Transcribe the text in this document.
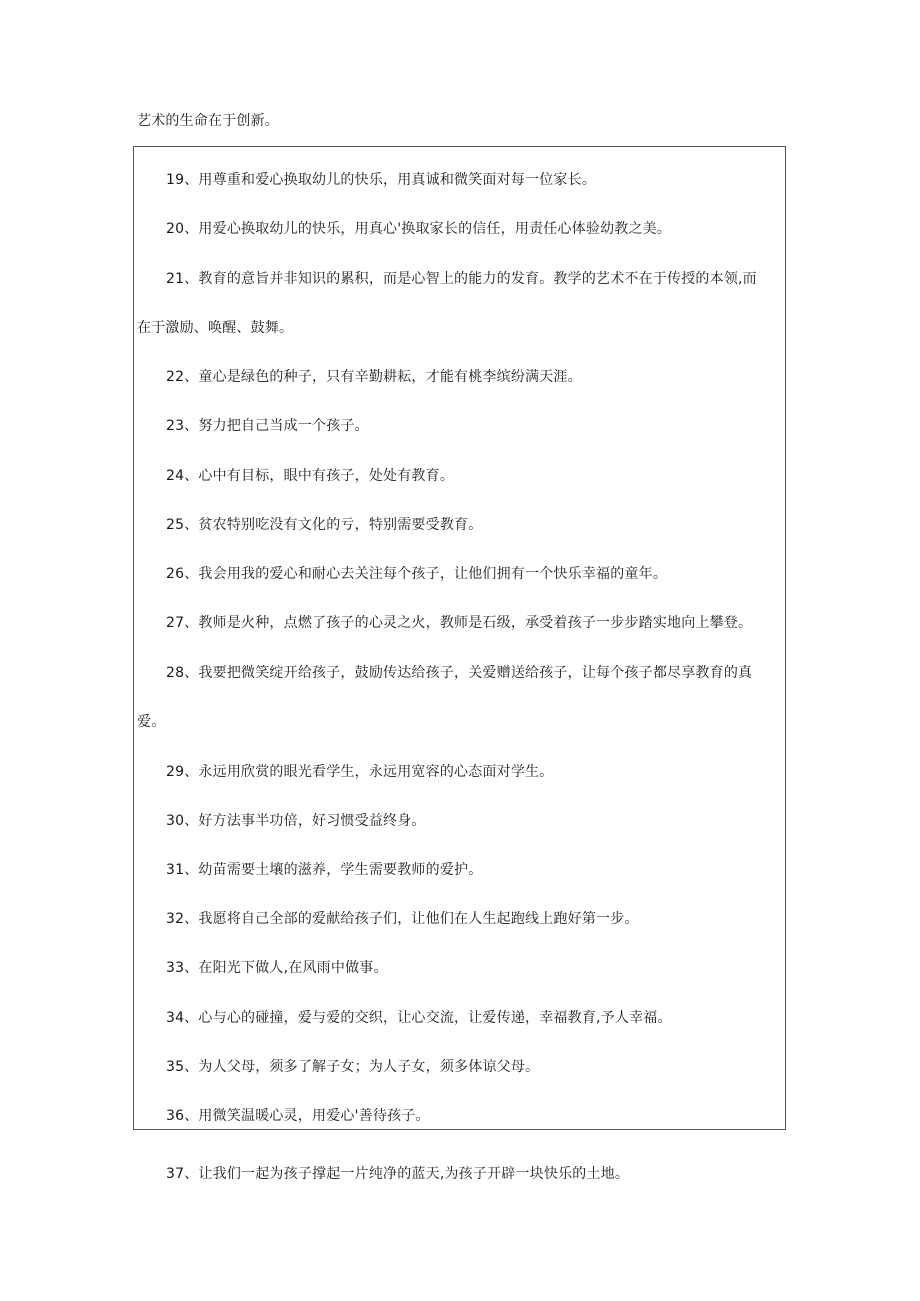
艺术的生命在于创新。
19、用尊重和爱心换取幼儿的快乐，用真诚和微笑面对每一位家长。
20、用爱心换取幼儿的快乐，用真心'换取家长的信任，用责任心体验幼教之美。
21、教育的意旨并非知识的累积，而是心智上的能力的发育。教学的艺术不在于传授的本领,而
在于激励、唤醒、鼓舞。
22、童心是绿色的种子，只有辛勤耕耘，才能有桃李缤纷满天涯。
23、努力把自己当成一个孩子。
24、心中有目标，眼中有孩子，处处有教育。
25、贫农特别吃没有文化的亏，特别需要受教育。
26、我会用我的爱心和耐心去关注每个孩子，让他们拥有一个快乐幸福的童年。
27、教师是火种，点燃了孩子的心灵之火，教师是石级，承受着孩子一步步踏实地向上攀登。
28、我要把微笑绽开给孩子，鼓励传达给孩子，关爱赠送给孩子，让每个孩子都尽享教育的真
爱。
29、永远用欣赏的眼光看学生，永远用宽容的心态面对学生。
30、好方法事半功倍，好习惯受益终身。
31、幼苗需要土壤的滋养，学生需要教师的爱护。
32、我愿将自己全部的爱献给孩子们，让他们在人生起跑线上跑好第一步。
33、在阳光下做人,在风雨中做事。
34、心与心的碰撞，爱与爱的交织，让心交流，让爱传递，幸福教育,予人幸福。
35、为人父母，须多了解子女；为人子女，须多体谅父母。
36、用微笑温暖心灵，用爱心'善待孩子。
37、让我们一起为孩子撑起一片纯净的蓝天,为孩子开辟一块快乐的土地。
